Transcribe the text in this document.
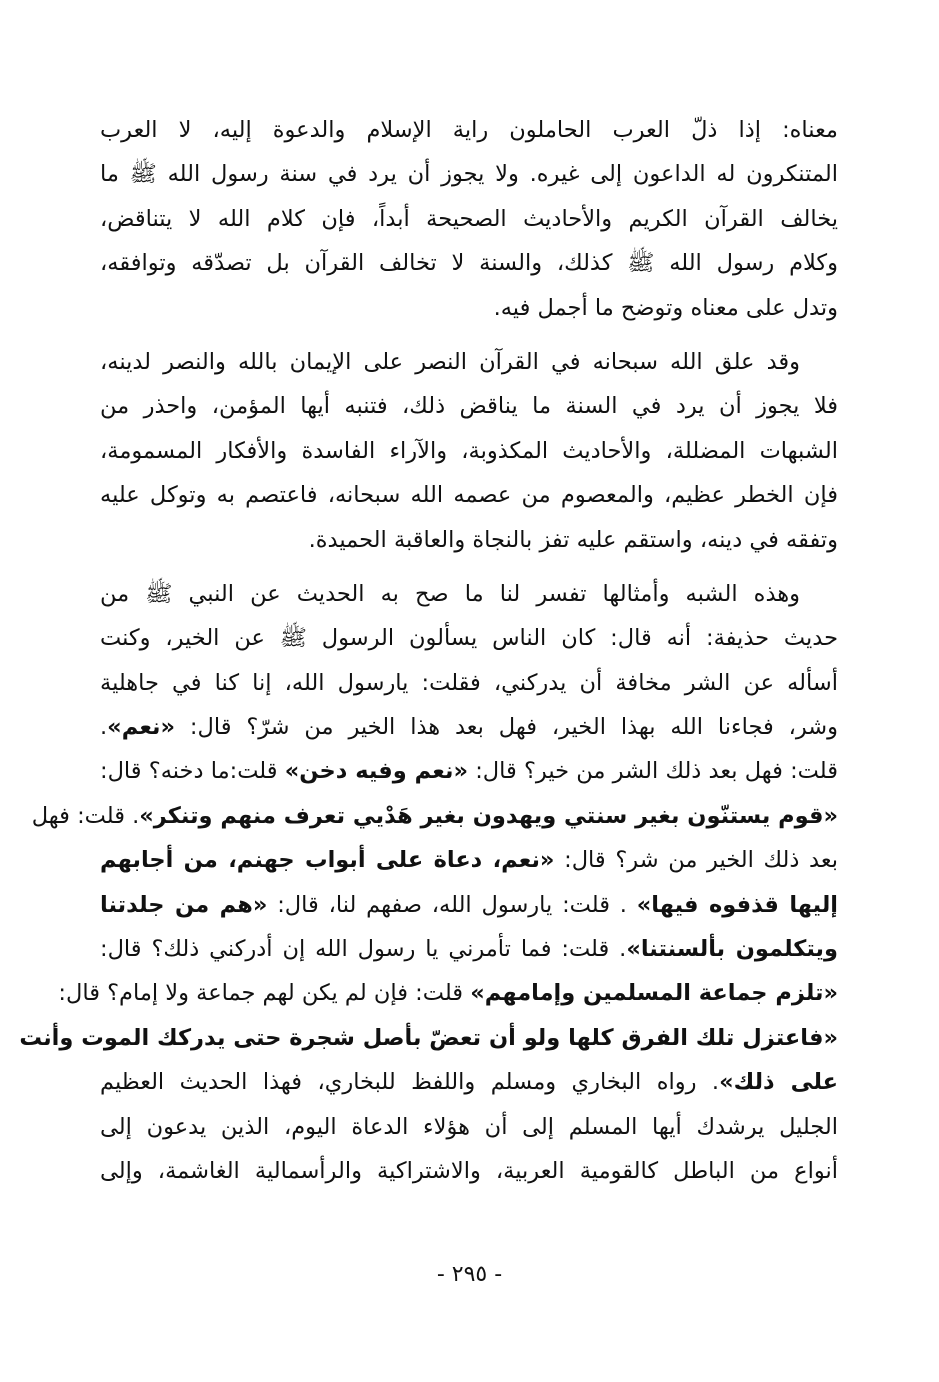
معناه: إذا ذلّ العرب الحاملون راية الإسلام والدعوة إليه، لا العرب
المتنكرون له الداعون إلى غيره. ولا يجوز أن يرد في سنة رسول الله ﷺ ما
يخالف القرآن الكريم والأحاديث الصحيحة أبداً، فإن كلام الله لا يتناقض،
وكلام رسول الله ﷺ كذلك، والسنة لا تخالف القرآن بل تصدّقه وتوافقه،
وتدل على معناه وتوضح ما أجمل فيه.
وقد علق الله سبحانه في القرآن النصر على الإيمان بالله والنصر لدينه،
فلا يجوز أن يرد في السنة ما يناقض ذلك، فتنبه أيها المؤمن، واحذر من
الشبهات المضللة، والأحاديث المكذوبة، والآراء الفاسدة والأفكار المسمومة،
فإن الخطر عظيم، والمعصوم من عصمه الله سبحانه، فاعتصم به وتوكل عليه
وتفقه في دينه، واستقم عليه تفز بالنجاة والعاقبة الحميدة.
وهذه الشبه وأمثالها تفسر لنا ما صح به الحديث عن النبي ﷺ من
حديث حذيفة: أنه قال: كان الناس يسألون الرسول ﷺ عن الخير، وكنت
أسأله عن الشر مخافة أن يدركني، فقلت: يارسول الله، إنا كنا في جاهلية
وشر، فجاءنا الله بهذا الخير، فهل بعد هذا الخير من شرّ؟ قال: «نعم».
قلت: فهل بعد ذلك الشر من خير؟ قال: «نعم وفيه دخن» قلت:ما دخنه؟ قال:
«قوم يستنّون بغير سنتي ويهدون بغير هَدْيي تعرف منهم وتنكر». قلت: فهل
بعد ذلك الخير من شر؟ قال: «نعم، دعاة على أبواب جهنم، من أجابهم
إليها قذفوه فيها» . قلت: يارسول الله، صفهم لنا، قال: «هم من جلدتنا
ويتكلمون بألسنتنا». قلت: فما تأمرني يا رسول الله إن أدركني ذلك؟ قال:
«تلزم جماعة المسلمين وإمامهم» قلت: فإن لم يكن لهم جماعة ولا إمام؟ قال:
«فاعتزل تلك الفرق كلها ولو أن تعضّ بأصل شجرة حتى يدركك الموت وأنت
على ذلك». رواه البخاري ومسلم واللفظ للبخاري، فهذا الحديث العظيم
الجليل يرشدك أيها المسلم إلى أن هؤلاء الدعاة اليوم، الذين يدعون إلى
أنواع من الباطل كالقومية العربية، والاشتراكية والرأسمالية الغاشمة، وإلى
- ٢٩٥ -
